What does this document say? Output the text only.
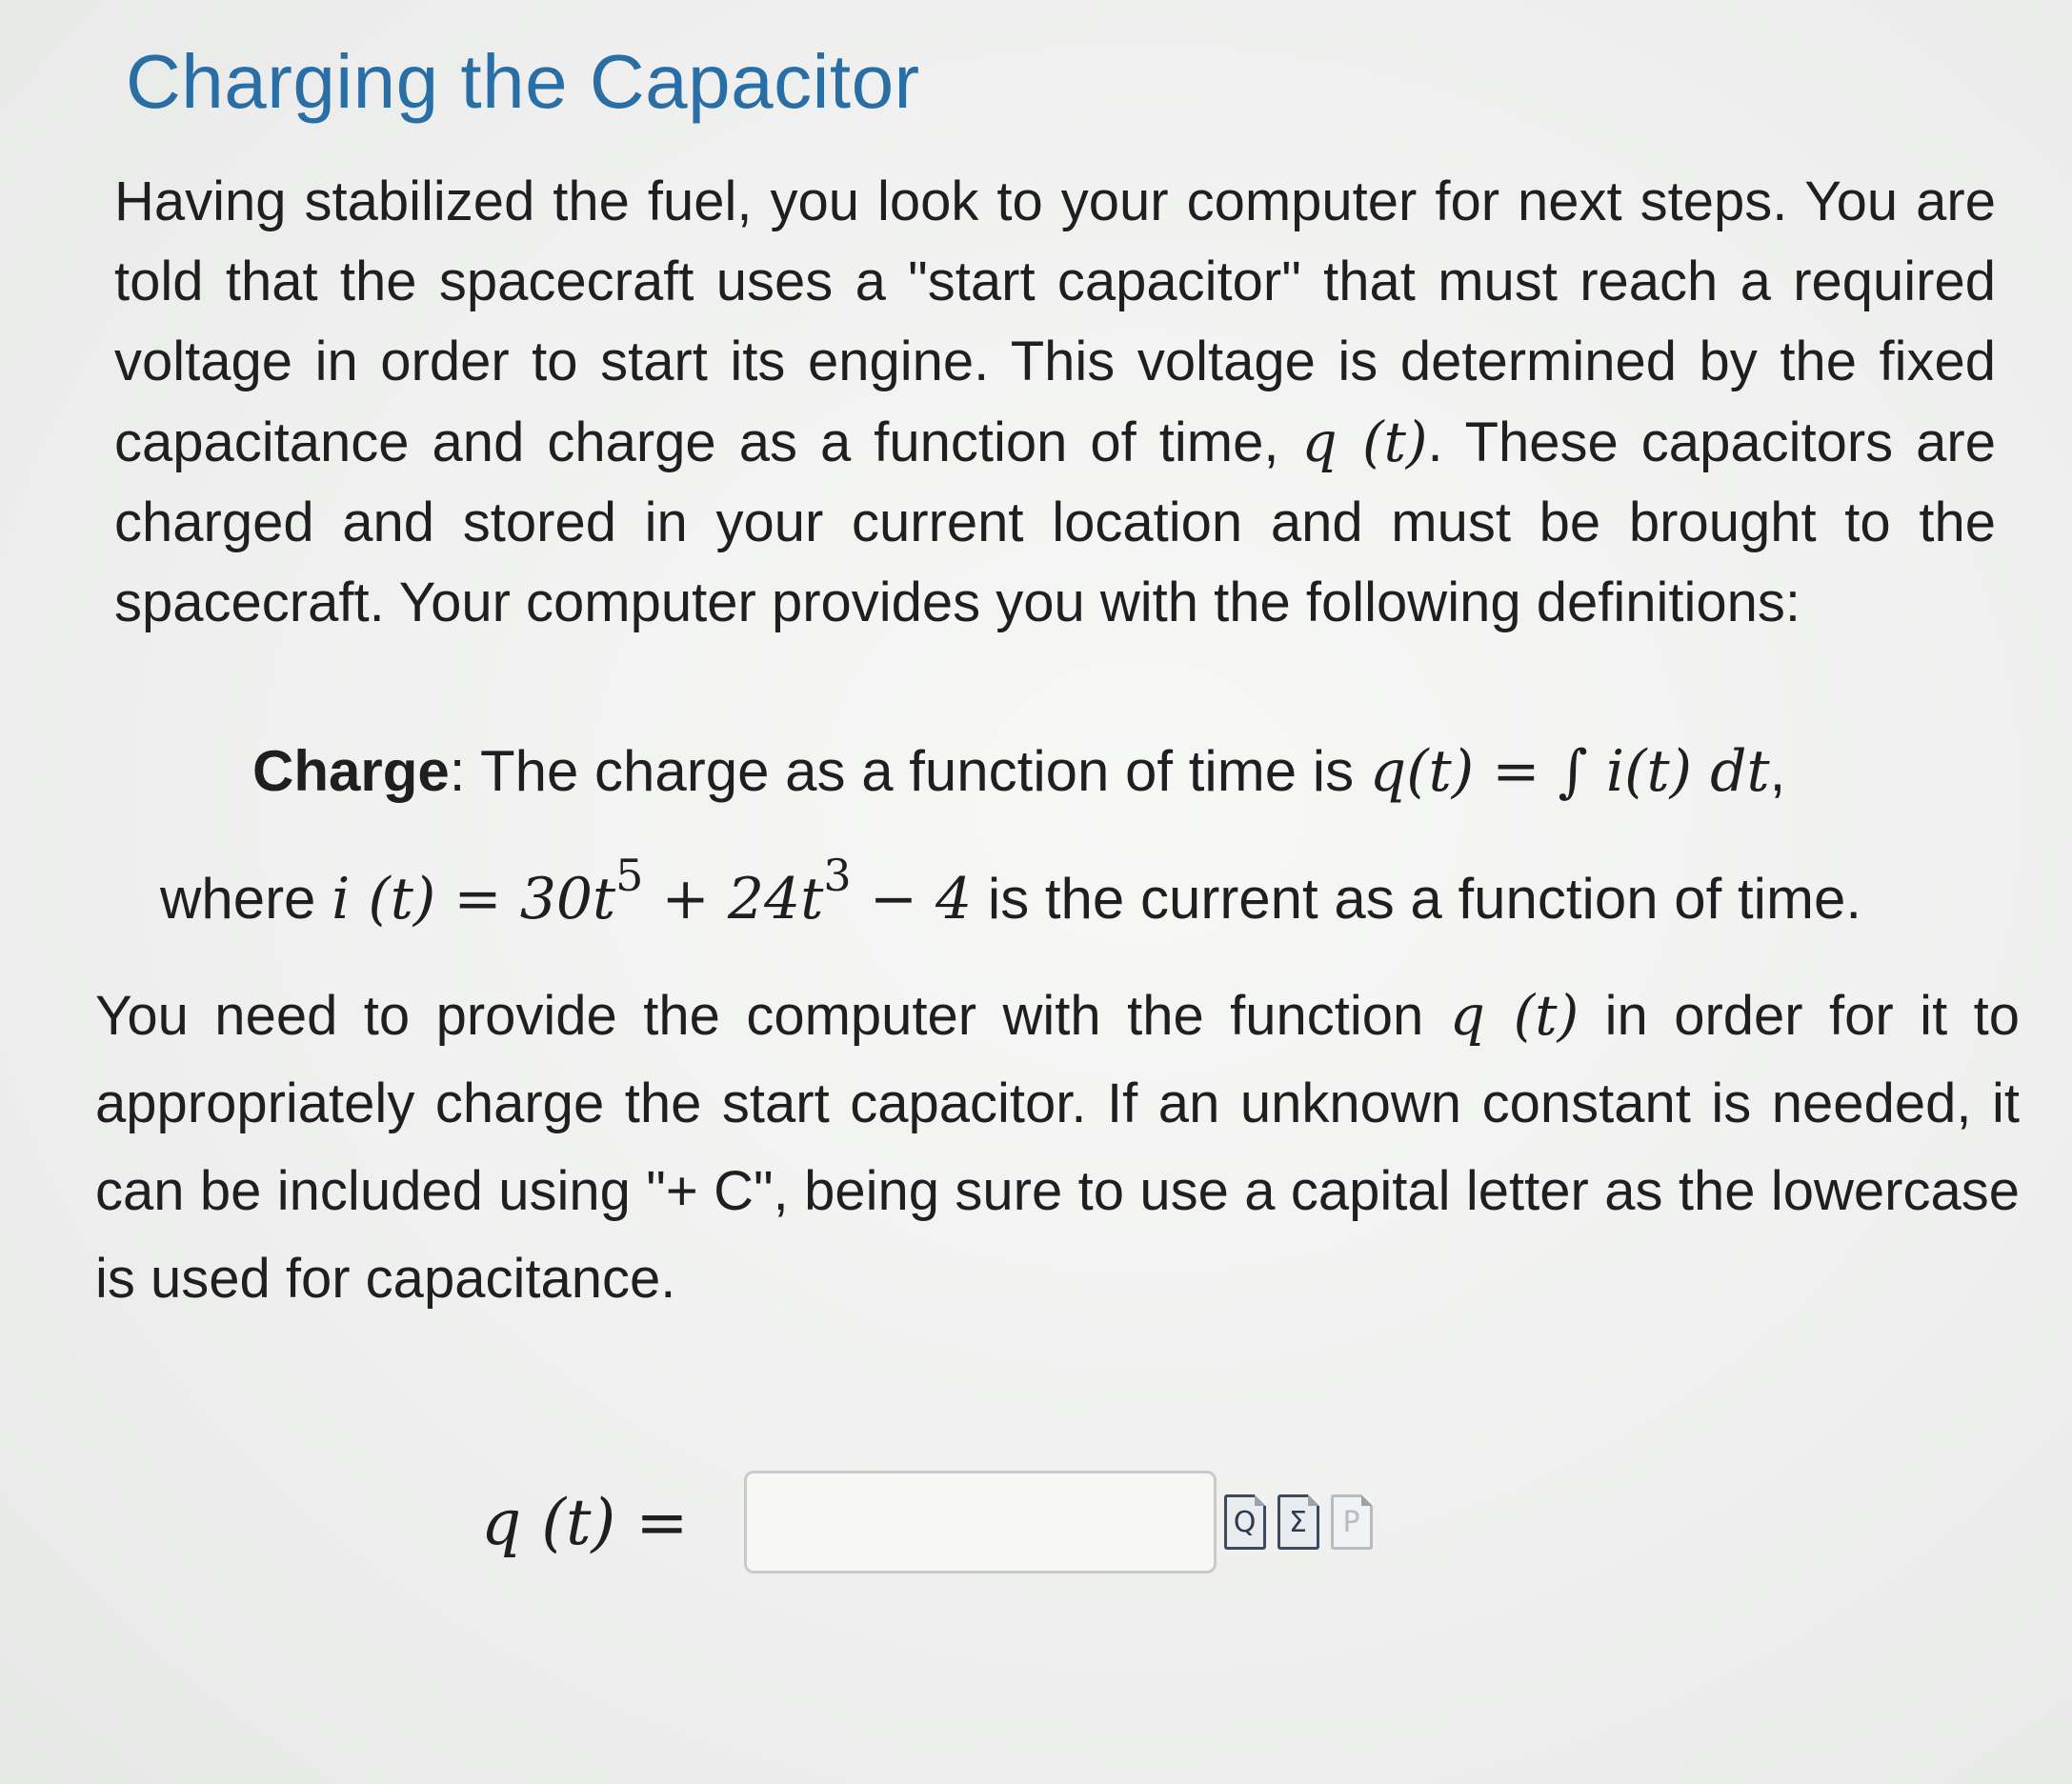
Charging the Capacitor
Having stabilized the fuel, you look to your computer for next steps. You are told that the spacecraft uses a "start capacitor" that must reach a required voltage in order to start its engine. This voltage is determined by the fixed capacitance and charge as a function of time, q (t). These capacitors are charged and stored in your current location and must be brought to the spacecraft. Your computer provides you with the following definitions:
Charge: The charge as a function of time is q(t) = ∫ i(t) dt,
where i $(t) = 30t^5 + 24t^3 - 4$ is the current as a function of time.
You need to provide the computer with the function q (t) in order for it to appropriately charge the start capacitor. If an unknown constant is needed, it can be included using "+ C", being sure to use a capital letter as the lowercase is used for capacitance.
q (t) =	Q	Σ	P
